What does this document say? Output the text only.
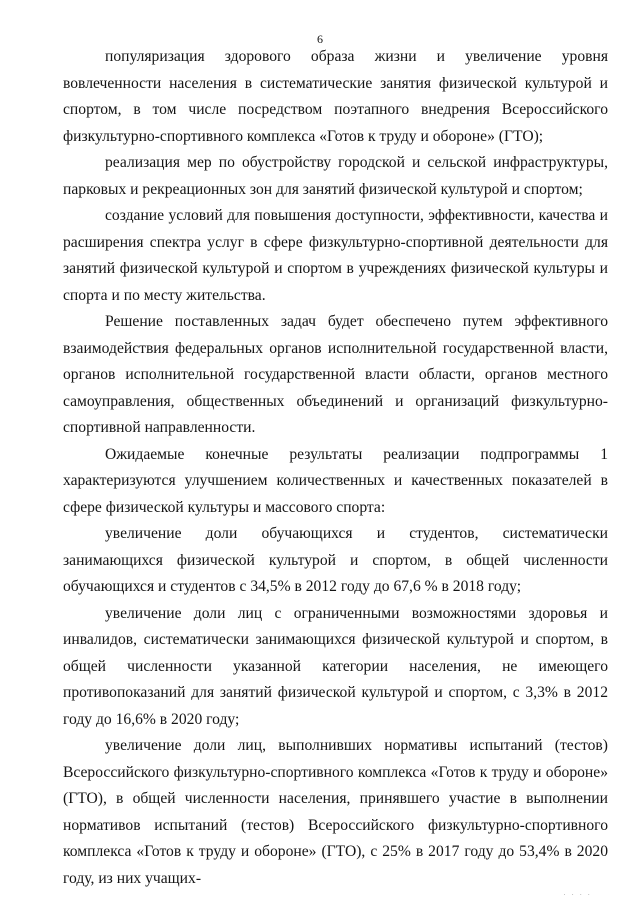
6

популяризация здорового образа жизни и увеличение уровня вовлеченности населения в систематические занятия физической культурой и спортом, в том числе посредством поэтапного внедрения Всероссийского физкультурно-спортивного комплекса «Готов к труду и обороне» (ГТО);

реализация мер по обустройству городской и сельской инфраструктуры, парковых и рекреационных зон для занятий физической культурой и спортом;

создание условий для повышения доступности, эффективности, качества и расширения спектра услуг в сфере физкультурно-спортивной деятельности для занятий физической культурой и спортом в учреждениях физической культуры и спорта и по месту жительства.

Решение поставленных задач будет обеспечено путем эффективного взаимодействия федеральных органов исполнительной государственной власти, органов исполнительной государственной власти области, органов местного самоуправления, общественных объединений и организаций физкультурно-спортивной направленности.

Ожидаемые конечные результаты реализации подпрограммы 1 характеризуются улучшением количественных и качественных показателей в сфере физической культуры и массового спорта:

увеличение доли обучающихся и студентов, систематически занимающихся физической культурой и спортом, в общей численности обучающихся и студентов с 34,5% в 2012 году до 67,6 % в 2018 году;

увеличение доли лиц с ограниченными возможностями здоровья и инвалидов, систематически занимающихся физической культурой и спортом, в общей численности указанной категории населения, не имеющего противопоказаний для занятий физической культурой и спортом, с 3,3% в 2012 году до 16,6% в 2020 году;

увеличение доли лиц, выполнивших нормативы испытаний (тестов) Всероссийского физкультурно-спортивного комплекса «Готов к труду и обороне» (ГТО), в общей численности населения, принявшего участие в выполнении нормативов испытаний (тестов) Всероссийского физкультурно-спортивного комплекса «Готов к труду и обороне» (ГТО), с 25% в 2017 году до 53,4% в 2020 году, из них учащих-

· · · ·
